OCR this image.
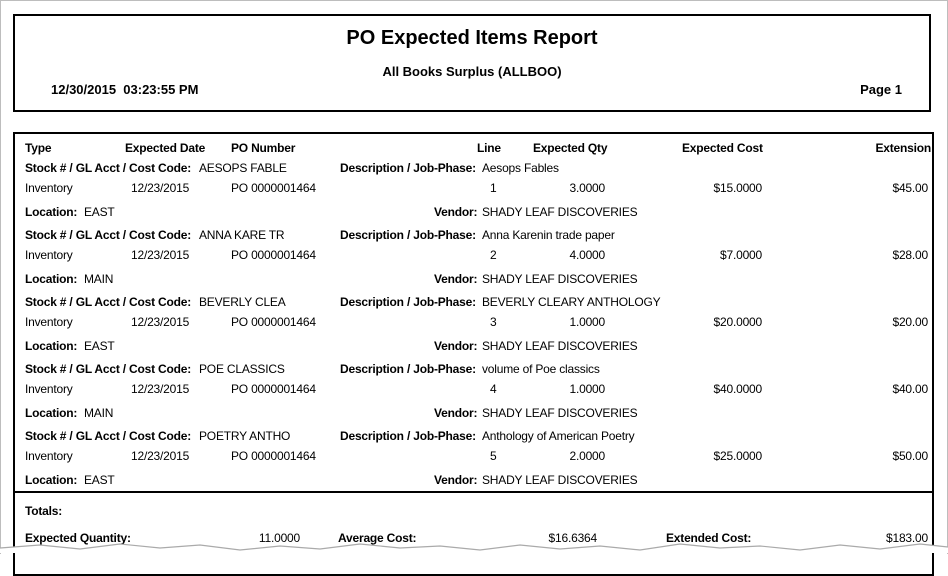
PO Expected Items Report
All Books Surplus (ALLBOO)
12/30/2015  03:23:55 PM	Page 1
Type	Expected Date PO Number	Line	Expected Qty	Expected Cost	Extension
Stock # / GL Acct / Cost Code: AESOPS FABLE	Description / Job-Phase: Aesops Fables
Inventory	12/23/2015	PO 0000001464	1	3.0000	$15.0000	$45.00
Location: EAST	Vendor: SHADY LEAF DISCOVERIES
Stock # / GL Acct / Cost Code: ANNA KARE TR	Description / Job-Phase: Anna Karenin trade paper
Inventory	12/23/2015	PO 0000001464	2	4.0000	$7.0000	$28.00
Location: MAIN	Vendor: SHADY LEAF DISCOVERIES
Stock # / GL Acct / Cost Code: BEVERLY CLEA	Description / Job-Phase: BEVERLY CLEARY ANTHOLOGY
Inventory	12/23/2015	PO 0000001464	3	1.0000	$20.0000	$20.00
Location: EAST	Vendor: SHADY LEAF DISCOVERIES
Stock # / GL Acct / Cost Code: POE CLASSICS	Description / Job-Phase: volume of Poe classics
Inventory	12/23/2015	PO 0000001464	4	1.0000	$40.0000	$40.00
Location: MAIN	Vendor: SHADY LEAF DISCOVERIES
Stock # / GL Acct / Cost Code: POETRY ANTHO	Description / Job-Phase: Anthology of American Poetry
Inventory	12/23/2015	PO 0000001464	5	2.0000	$25.0000	$50.00
Location: EAST	Vendor: SHADY LEAF DISCOVERIES
Totals:
Expected Quantity:	11.0000	Average Cost:	$16.6364	Extended Cost:	$183.00
